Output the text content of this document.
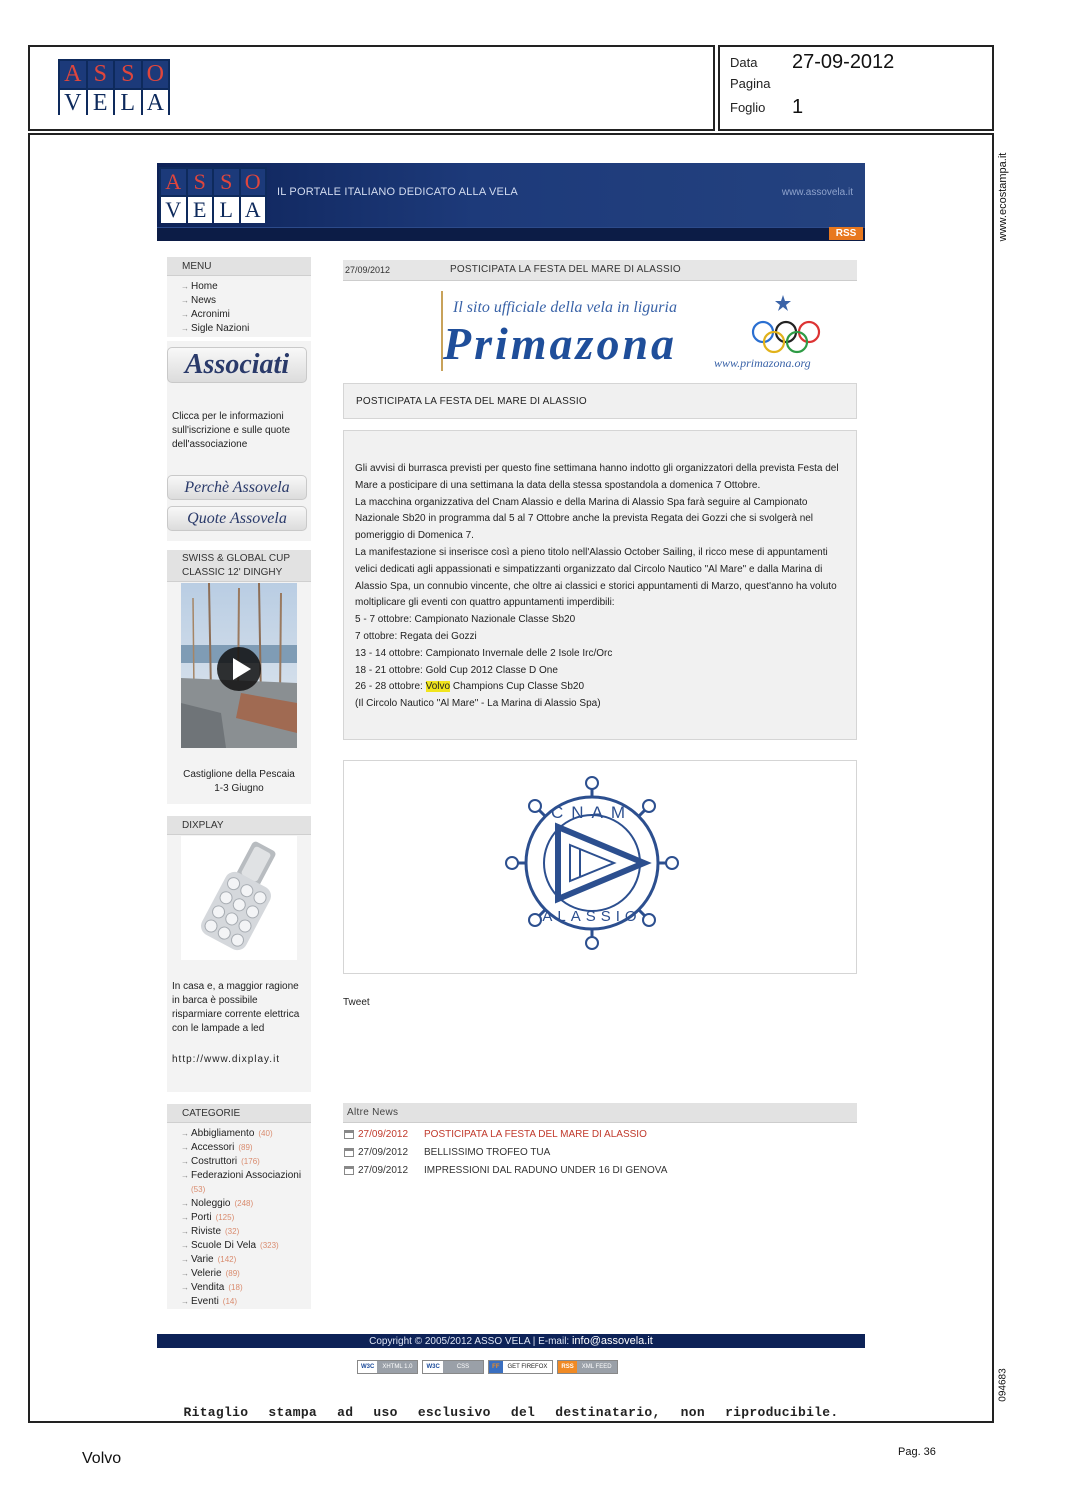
A S S O
V E L A
Data	27-09-2012
Pagina
Foglio	1
www.ecostampa.it
094683
A S S O
V E L A
IL PORTALE ITALIANO DEDICATO ALLA VELA	www.assovela.it
RSS
MENU
→ Home
→ News
→ Acronimi
→ Sigle Nazioni
Associati
Clicca per le informazioni sull'iscrizione e sulle quote dell'associazione
Perchè Assovela
Quote Assovela
SWISS & GLOBAL CUP CLASSIC 12' DINGHY
Castiglione della Pescaia
1-3 Giugno
DIXPLAY
In casa e, a maggior ragione in barca è possibile risparmiare corrente elettrica con le lampade a led
http://www.dixplay.it
CATEGORIE
→ Abbigliamento (40)
→ Accessori (89)
→ Costruttori (176)
→ Federazioni Associazioni
(53)
→ Noleggio (248)
→ Porti (125)
→ Riviste (32)
→ Scuole Di Vela (323)
→ Varie (142)
→ Velerie (89)
→ Vendita (18)
→ Eventi (14)
27/09/2012	POSTICIPATA LA FESTA DEL MARE DI ALASSIO
Il sito ufficiale della vela in liguria
Primazona	www.primazona.org
POSTICIPATA LA FESTA DEL MARE DI ALASSIO

Gli avvisi di burrasca previsti per questo fine settimana hanno indotto gli organizzatori della prevista Festa del Mare a posticipare di una settimana la data della stessa spostandola a domenica 7 Ottobre.

La macchina organizzativa del Cnam Alassio e della Marina di Alassio Spa farà seguire al Campionato Nazionale Sb20 in programma dal 5 al 7 Ottobre anche la prevista Regata dei Gozzi che si svolgerà nel pomeriggio di Domenica 7.

La manifestazione si inserisce così a pieno titolo nell'Alassio October Sailing, il ricco mese di appuntamenti velici dedicati agli appassionati e simpatizzanti organizzato dal Circolo Nautico "Al Mare" e dalla Marina di Alassio Spa, un connubio vincente, che oltre ai classici e storici appuntamenti di Marzo, quest'anno ha voluto moltiplicare gli eventi con quattro appuntamenti imperdibili:

5 - 7 ottobre: Campionato Nazionale Classe Sb20

7 ottobre: Regata dei Gozzi

13 - 14 ottobre: Campionato Invernale delle 2 Isole Irc/Orc

18 - 21 ottobre: Gold Cup 2012 Classe D One

26 - 28 ottobre: Volvo Champions Cup Classe Sb20

(Il Circolo Nautico "Al Mare" - La Marina di Alassio Spa)

CNAM
ALASSIO
Tweet
Altre News
27/09/2012	POSTICIPATA LA FESTA DEL MARE DI ALASSIO
27/09/2012	BELLISSIMO TROFEO TUA
27/09/2012	IMPRESSIONI DAL RADUNO UNDER 16 DI GENOVA
Copyright © 2005/2012 ASSO VELA | E-mail: info@assovela.it
W3C	XHTML 1.0	W3C	CSS	FF	GET FIREFOX	RSS	XML FEED
Ritaglio stampa ad uso esclusivo del destinatario, non riproducibile.
Volvo	Pag. 36
